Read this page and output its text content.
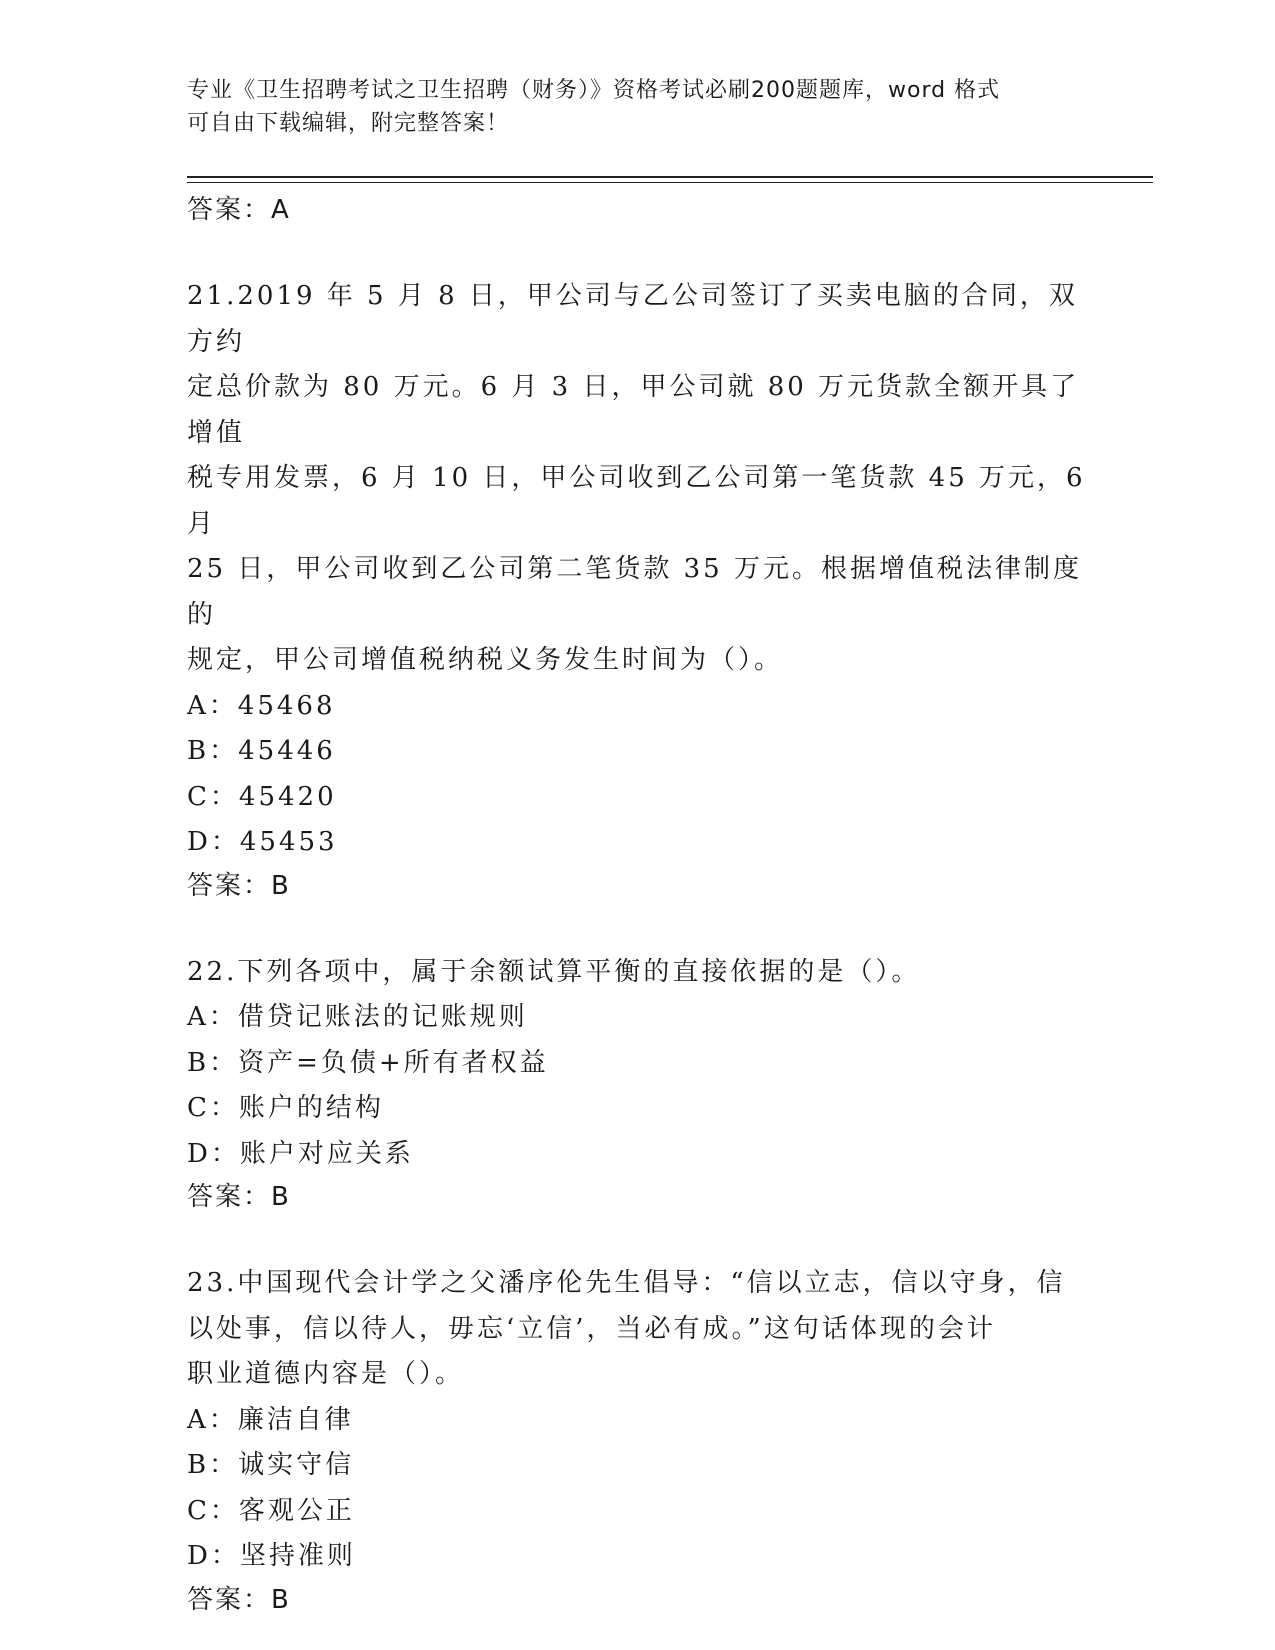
专业《卫生招聘考试之卫生招聘（财务）》资格考试必刷200题题库，word 格式
可自由下载编辑，附完整答案！

答案：A

21.2019 年 5 月 8 日，甲公司与乙公司签订了买卖电脑的合同，双方约

定总价款为 80 万元。6 月 3 日，甲公司就 80 万元货款全额开具了增值

税专用发票，6 月 10 日，甲公司收到乙公司第一笔货款 45 万元，6 月

25 日，甲公司收到乙公司第二笔货款 35 万元。根据增值税法律制度的

规定，甲公司增值税纳税义务发生时间为（）。

A：45468

B：45446

C：45420

D：45453

答案：B

22.下列各项中，属于余额试算平衡的直接依据的是（）。

A：借贷记账法的记账规则

B：资产=负债+所有者权益

C：账户的结构

D：账户对应关系

答案：B

23.中国现代会计学之父潘序伦先生倡导：“信以立志，信以守身，信

以处事，信以待人，毋忘‘立信’，当必有成。”这句话体现的会计

职业道德内容是（）。

A：廉洁自律

B：诚实守信

C：客观公正

D：坚持准则

答案：B
